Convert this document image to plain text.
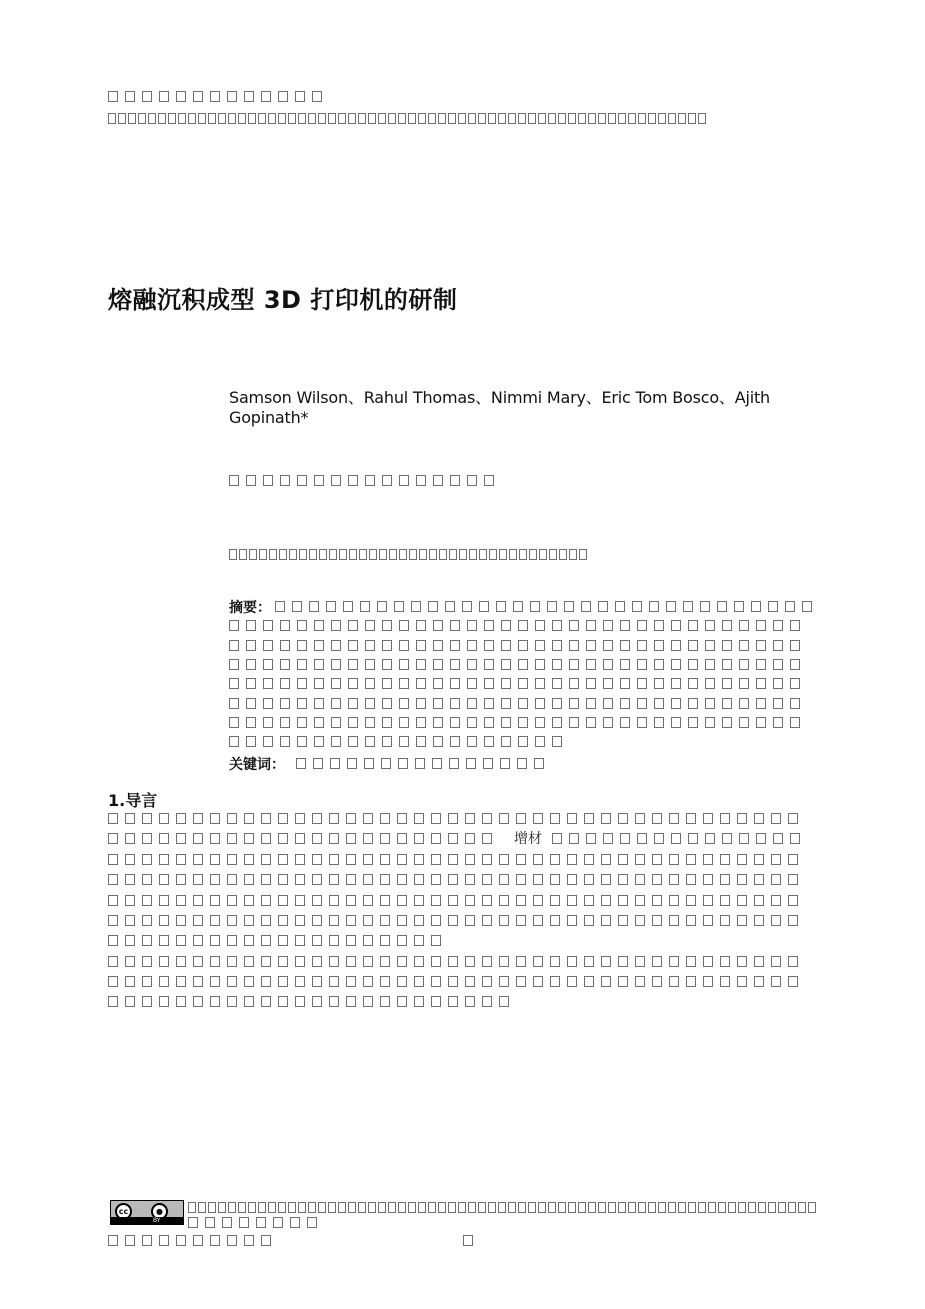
熔融沉积成型 3D 打印机的研制
Samson Wilson、Rahul Thomas、Nimmi Mary、Eric Tom Bosco、Ajith Gopinath*
摘要：
关键词：
1.导言
增材
cc	●
BY
